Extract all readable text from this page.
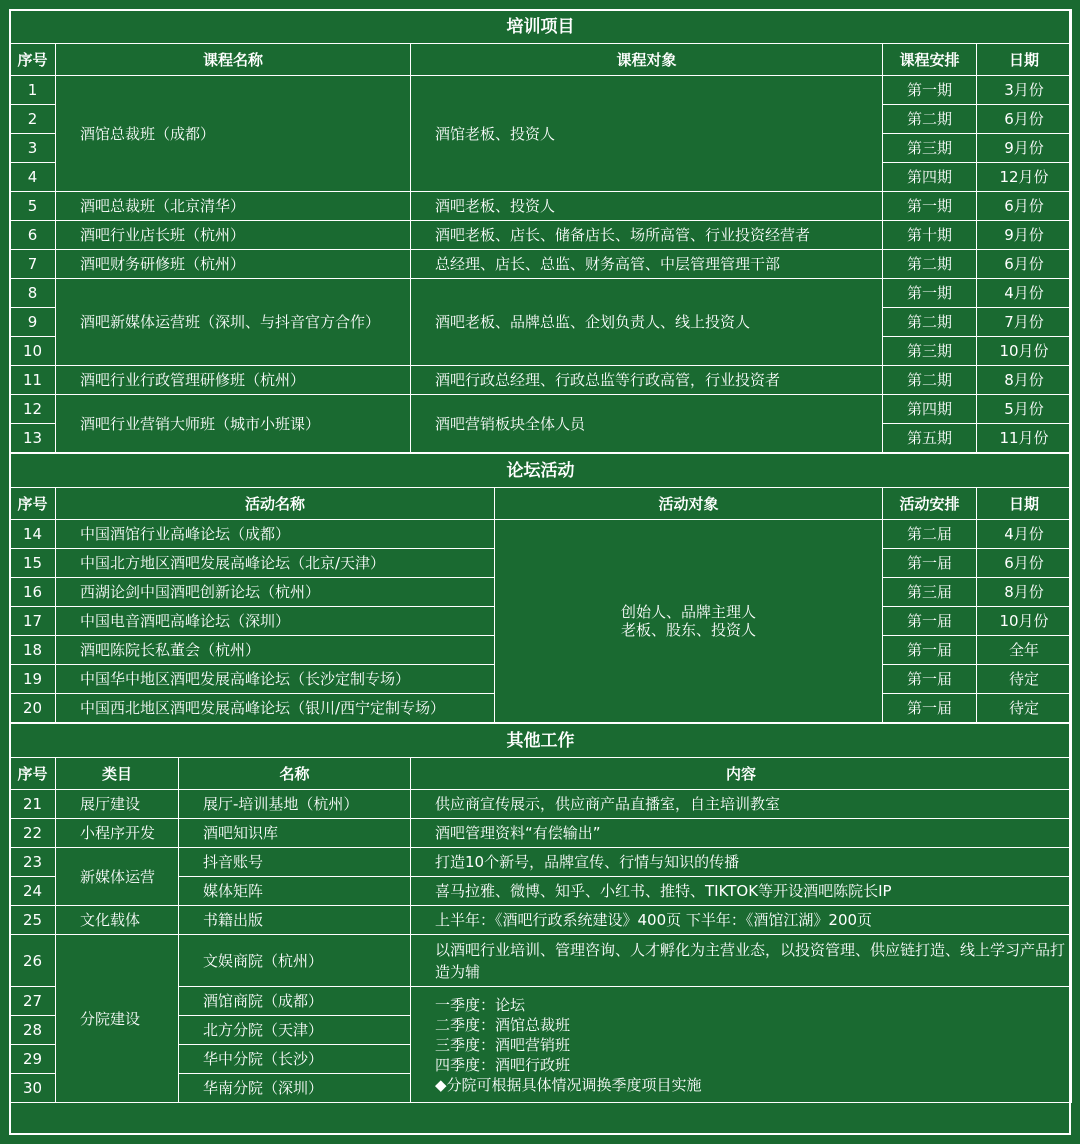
培训项目				
序号	课程名称	课程对象	课程安排	日期
1	酒馆总裁班（成都）	酒馆老板、投资人	第一期	3月份
2			第二期	6月份
3			第三期	9月份
4			第四期	12月份
5	酒吧总裁班（北京清华）	酒吧老板、投资人	第一期	6月份
6	酒吧行业店长班（杭州）	酒吧老板、店长、储备店长、场所高管、行业投资经营者	第十期	9月份
7	酒吧财务研修班（杭州）	总经理、店长、总监、财务高管、中层管理管理干部	第二期	6月份
8	酒吧新媒体运营班（深圳、与抖音官方合作）	酒吧老板、品牌总监、企划负责人、线上投资人	第一期	4月份
9			第二期	7月份
10			第三期	10月份
11	酒吧行业行政管理研修班（杭州）	酒吧行政总经理、行政总监等行政高管，行业投资者	第二期	8月份
12	酒吧行业营销大师班（城市小班课）	酒吧营销板块全体人员	第四期	5月份
13			第五期	11月份
论坛活动				
序号	活动名称	活动对象	活动安排	日期
14	中国酒馆行业高峰论坛（成都）	创始人、品牌主理人
老板、股东、投资人	第二届	4月份
15	中国北方地区酒吧发展高峰论坛（北京/天津）		第一届	6月份
16	西湖论剑中国酒吧创新论坛（杭州）		第三届	8月份
17	中国电音酒吧高峰论坛（深圳）		第一届	10月份
18	酒吧陈院长私董会（杭州）		第一届	全年
19	中国华中地区酒吧发展高峰论坛（长沙定制专场）		第一届	待定
20	中国西北地区酒吧发展高峰论坛（银川/西宁定制专场）		第一届	待定
其他工作			
序号	类目	名称	内容
21	展厅建设	展厅-培训基地（杭州）	供应商宣传展示，供应商产品直播室，自主培训教室
22	小程序开发	酒吧知识库	酒吧管理资料“有偿输出”
23	新媒体运营	抖音账号	打造10个新号，品牌宣传、行情与知识的传播
24		媒体矩阵	喜马拉雅、微博、知乎、小红书、推特、TIKTOK等开设酒吧陈院长IP
25	文化载体	书籍出版	上半年：《酒吧行政系统建设》400页 下半年：《酒馆江湖》200页
26	分院建设	文娱商院（杭州）	以酒吧行业培训、管理咨询、人才孵化为主营业态，以投资管理、供应链打造、线上学习产品打造为辅
27		酒馆商院（成都）	一季度：论坛
二季度：酒馆总裁班
三季度：酒吧营销班
四季度：酒吧行政班
◆分院可根据具体情况调换季度项目实施

28		北方分院（天津）	
29		华中分院（长沙）	
30		华南分院（深圳）	
